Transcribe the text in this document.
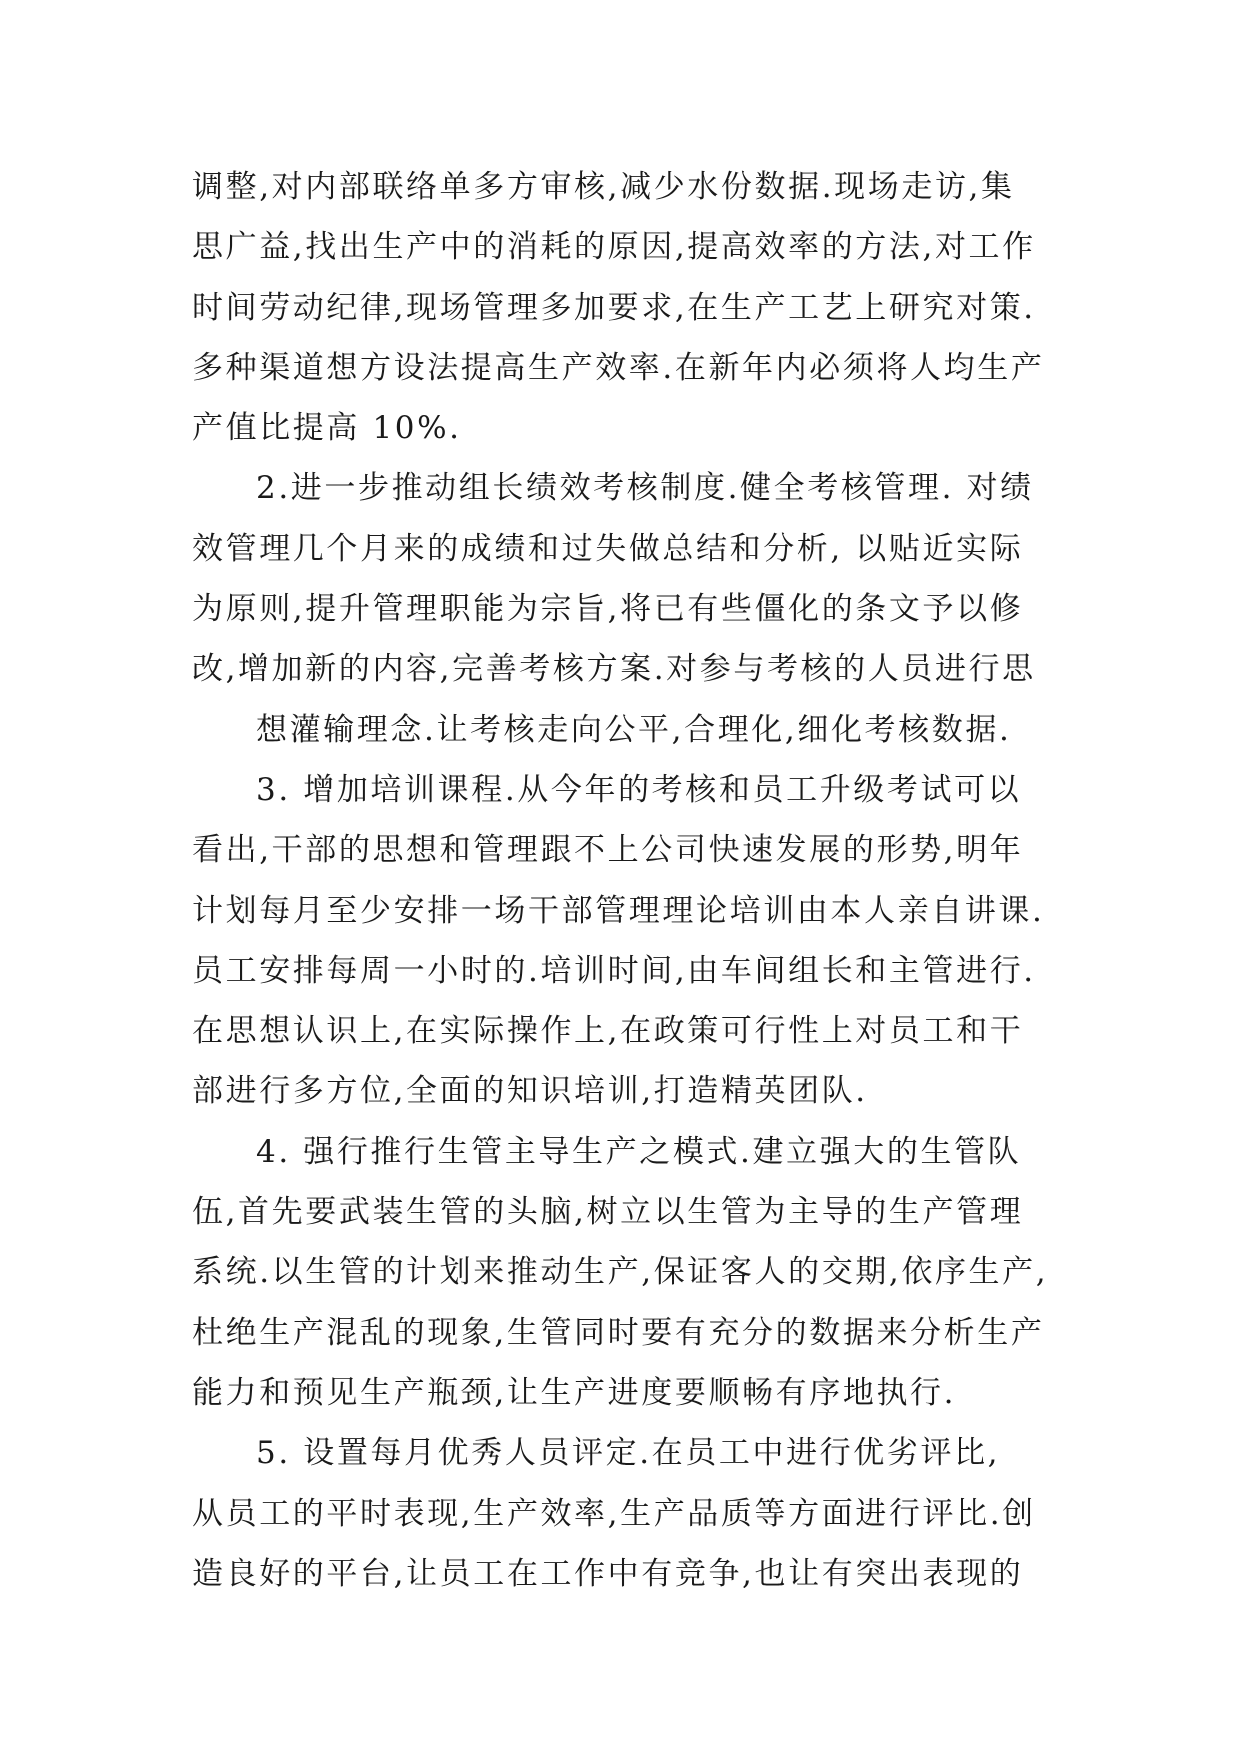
调整,对内部联络单多方审核,减少水份数据.现场走访,集
思广益,找出生产中的消耗的原因,提高效率的方法,对工作
时间劳动纪律,现场管理多加要求,在生产工艺上研究对策.
多种渠道想方设法提高生产效率.在新年内必须将人均生产
产值比提高 10%.
2.进一步推动组长绩效考核制度.健全考核管理. 对绩
效管理几个月来的成绩和过失做总结和分析, 以贴近实际
为原则,提升管理职能为宗旨,将已有些僵化的条文予以修
改,增加新的内容,完善考核方案.对参与考核的人员进行思
想灌输理念.让考核走向公平,合理化,细化考核数据.
3. 增加培训课程.从今年的考核和员工升级考试可以
看出,干部的思想和管理跟不上公司快速发展的形势,明年
计划每月至少安排一场干部管理理论培训由本人亲自讲课.
员工安排每周一小时的.培训时间,由车间组长和主管进行.
在思想认识上,在实际操作上,在政策可行性上对员工和干
部进行多方位,全面的知识培训,打造精英团队.
4. 强行推行生管主导生产之模式.建立强大的生管队
伍,首先要武装生管的头脑,树立以生管为主导的生产管理
系统.以生管的计划来推动生产,保证客人的交期,依序生产,
杜绝生产混乱的现象,生管同时要有充分的数据来分析生产
能力和预见生产瓶颈,让生产进度要顺畅有序地执行.
5. 设置每月优秀人员评定.在员工中进行优劣评比,
从员工的平时表现,生产效率,生产品质等方面进行评比.创
造良好的平台,让员工在工作中有竞争,也让有突出表现的
